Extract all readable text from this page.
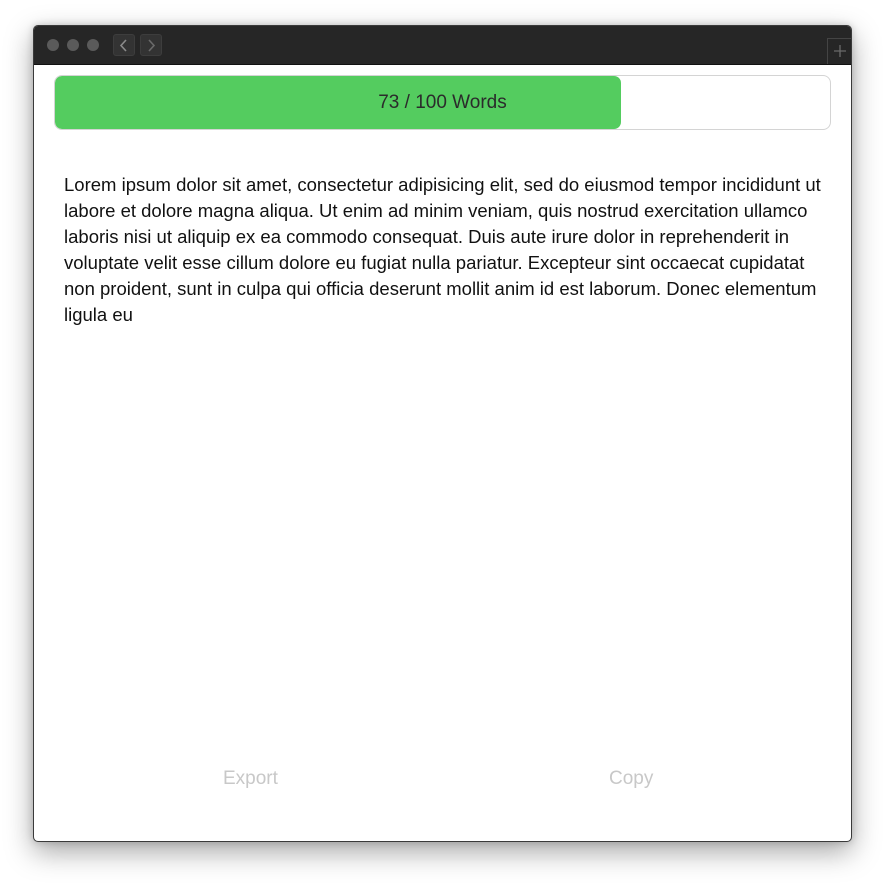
73 / 100 Words
Lorem ipsum dolor sit amet, consectetur adipisicing elit, sed do eiusmod tempor incididunt ut labore et dolore magna aliqua. Ut enim ad minim veniam, quis nostrud exercitation ullamco laboris nisi ut aliquip ex ea commodo consequat. Duis aute irure dolor in reprehenderit in voluptate velit esse cillum dolore eu fugiat nulla pariatur. Excepteur sint occaecat cupidatat non proident, sunt in culpa qui officia deserunt mollit anim id est laborum. Donec elementum ligula eu
Export	Copy
